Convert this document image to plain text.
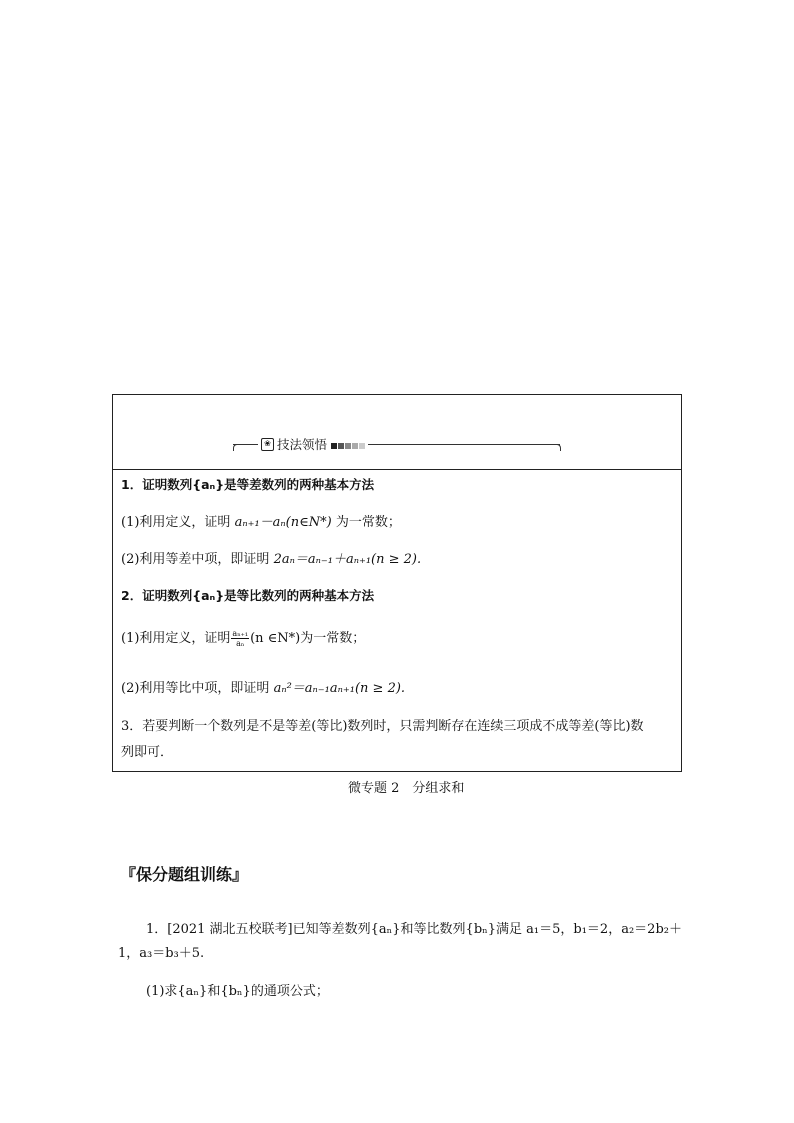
❀ 技法领悟
1．证明数列{aₙ}是等差数列的两种基本方法
(1)利用定义，证明 aₙ₊₁－aₙ(n∈N*) 为一常数；
(2)利用等差中项，即证明 2aₙ＝aₙ₋₁＋aₙ₊₁(n ≥ 2).
2．证明数列{aₙ}是等比数列的两种基本方法
(1)利用定义，证明 $\frac{\text{aₙ₊₁}}{\text{aₙ}} (n$ ∈N*)为一常数；
(2)利用等比中项，即证明 aₙ²＝aₙ₋₁aₙ₊₁(n ≥ 2).
3．若要判断一个数列是不是等差(等比)数列时，只需判断存在连续三项成不成等差(等比)数
列即可．
微专题 2　分组求和
『保分题组训练』
1．[2021 湖北五校联考]已知等差数列{aₙ}和等比数列{bₙ}满足 a₁＝5，b₁＝2，a₂＝2b₂＋
1，a₃＝b₃＋5.
(1)求{aₙ}和{bₙ}的通项公式；
